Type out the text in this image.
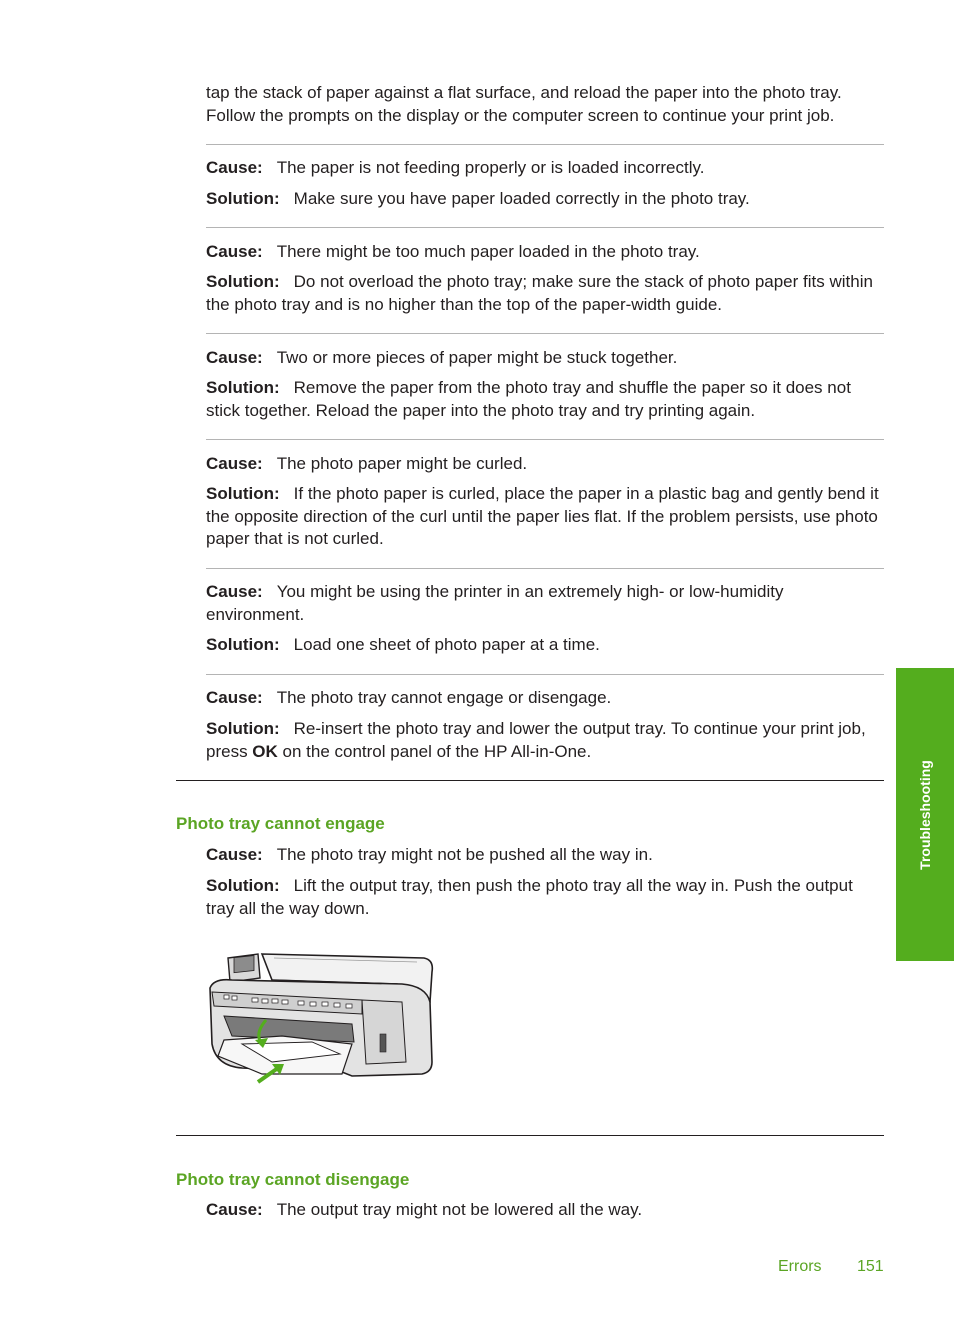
tap the stack of paper against a flat surface, and reload the paper into the photo tray.
Follow the prompts on the display or the computer screen to continue your print job.

Cause: The paper is not feeding properly or is loaded incorrectly.

Solution: Make sure you have paper loaded correctly in the photo tray.

Cause: There might be too much paper loaded in the photo tray.

Solution: Do not overload the photo tray; make sure the stack of photo paper fits within the photo tray and is no higher than the top of the paper-width guide.

Cause: Two or more pieces of paper might be stuck together.

Solution: Remove the paper from the photo tray and shuffle the paper so it does not stick together. Reload the paper into the photo tray and try printing again.

Cause: The photo paper might be curled.

Solution: If the photo paper is curled, place the paper in a plastic bag and gently bend it the opposite direction of the curl until the paper lies flat. If the problem persists, use photo paper that is not curled.

Cause: You might be using the printer in an extremely high- or low-humidity environment.

Solution: Load one sheet of photo paper at a time.

Cause: The photo tray cannot engage or disengage.

Solution: Re-insert the photo tray and lower the output tray. To continue your print job, press OK on the control panel of the HP All-in-One.

Photo tray cannot engage

Cause: The photo tray might not be pushed all the way in.

Solution: Lift the output tray, then push the photo tray all the way in. Push the output tray all the way down.

Photo tray cannot disengage

Cause: The output tray might not be lowered all the way.

Troubleshooting
Errors 151
